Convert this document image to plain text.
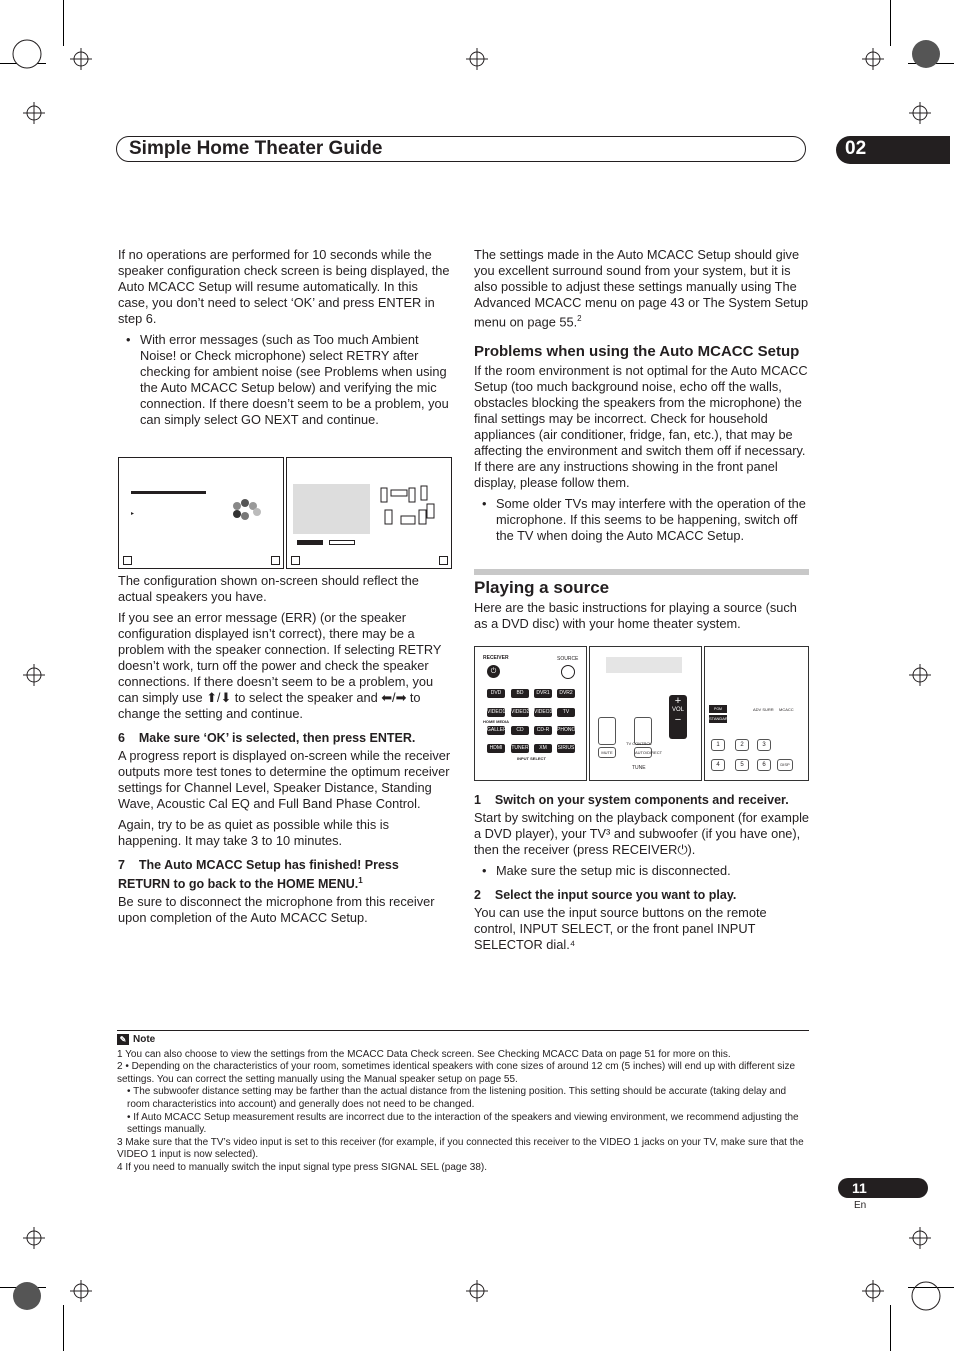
Simple Home Theater Guide	02

If no operations are performed for 10 seconds while the speaker configuration check screen is being displayed, the Auto MCACC Setup will resume automatically. In this case, you don’t need to select ‘OK’ and press ENTER in step 6.

• With error messages (such as Too much Ambient Noise! or Check microphone) select RETRY after checking for ambient noise (see Problems when using the Auto MCACC Setup below) and verifying the mic connection. If there doesn’t seem to be a problem, you can simply select GO NEXT and continue.
▸

The configuration shown on-screen should reflect the actual speakers you have.

If you see an error message (ERR) (or the speaker configuration displayed isn’t correct), there may be a problem with the speaker connection. If selecting RETRY doesn’t work, turn off the power and check the speaker connections. If there doesn’t seem to be a problem, you can simply use ⬆/⬇ to select the speaker and ⬅/➡ to change the setting and continue.

6 Make sure ‘OK’ is selected, then press ENTER.

A progress report is displayed on-screen while the receiver outputs more test tones to determine the optimum receiver settings for Channel Level, Speaker Distance, Standing Wave, Acoustic Cal EQ and Full Band Phase Control.

Again, try to be as quiet as possible while this is happening. It may take 3 to 10 minutes.

7 The Auto MCACC Setup has finished! Press RETURN to go back to the HOME MENU.$^1$

Be sure to disconnect the microphone from this receiver upon completion of the Auto MCACC Setup.

The settings made in the Auto MCACC Setup should give you excellent surround sound from your system, but it is also possible to adjust these settings manually using The Advanced MCACC menu on page 43 or The System Setup menu on page 55.$^2$

Problems when using the Auto MCACC Setup

If the room environment is not optimal for the Auto MCACC Setup (too much background noise, echo off the walls, obstacles blocking the speakers from the microphone) the final settings may be incorrect. Check for household appliances (air conditioner, fridge, fan, etc.), that may be affecting the environment and switch them off if necessary. If there are any instructions showing in the front panel display, please follow them.

• Some older TVs may interfere with the operation of the microphone. If this seems to be happening, switch off the TV when doing the Auto MCACC Setup.
Playing a source

Here are the basic instructions for playing a source (such as a DVD disc) with your home theater system.

RECEIVER
⏻
SOURCE
DVD	BD	DVR1	DVR2
VIDEO1 VIDEO2 VIDEO3	TV
HOME MEDIA
GALLERY	CD	CD-R	PHONO
HDMI	TUNER	XM	SIRIUS
INPUT SELECT
+
VOL
−
TV CONTROL
MUTE	AUTO/DIRECT
TUNE
PGM
STANDARD
ADV SURR MCACC
1	2	3
4	5	6	DISP
1 Switch on your system components and receiver.

Start by switching on the playback component (for example a DVD player), your TV³ and subwoofer (if you have one), then the receiver (press RECEIVER⏻).

• Make sure the setup mic is disconnected.
2 Select the input source you want to play.

You can use the input source buttons on the remote control, INPUT SELECT, or the front panel INPUT SELECTOR dial.⁴

✎ Note

1 You can also choose to view the settings from the MCACC Data Check screen. See Checking MCACC Data on page 51 for more on this.

2 • Depending on the characteristics of your room, sometimes identical speakers with cone sizes of around 12 cm (5 inches) will end up with different size settings. You can correct the setting manually using the Manual speaker setup on page 55.

• The subwoofer distance setting may be farther than the actual distance from the listening position. This setting should be accurate (taking delay and room characteristics into account) and generally does not need to be changed.

• If Auto MCACC Setup measurement results are incorrect due to the interaction of the speakers and viewing environment, we recommend adjusting the settings manually.

3 Make sure that the TV’s video input is set to this receiver (for example, if you connected this receiver to the VIDEO 1 jacks on your TV, make sure that the VIDEO 1 input is now selected).

4 If you need to manually switch the input signal type press SIGNAL SEL (page 38).

11
En
